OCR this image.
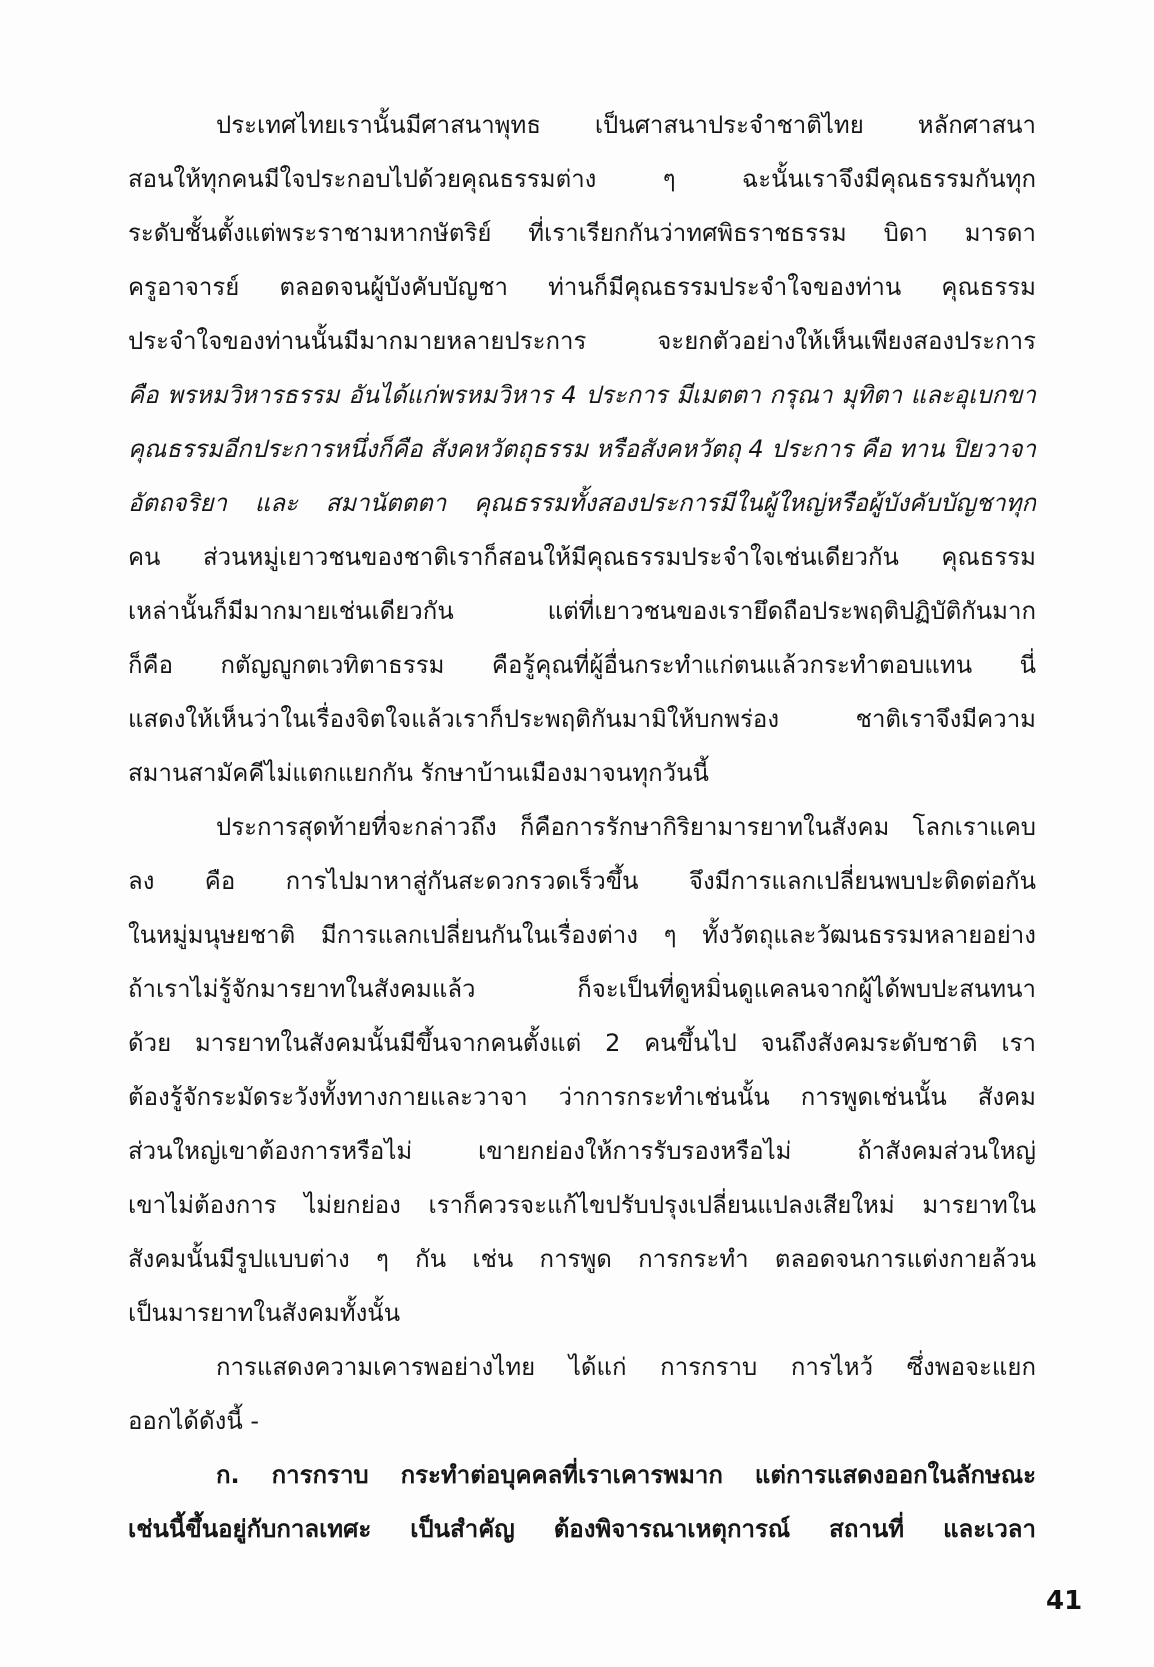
ประเทศไทยเรานั้นมีศาสนาพุทธ เป็นศาสนาประจำชาติไทย หลักศาสนา
สอนให้ทุกคนมีใจประกอบไปด้วยคุณธรรมต่าง ๆ ฉะนั้นเราจึงมีคุณธรรมกันทุก
ระดับชั้นตั้งแต่พระราชามหากษัตริย์ ที่เราเรียกกันว่าทศพิธราชธรรม บิดา มารดา
ครูอาจารย์ ตลอดจนผู้บังคับบัญชา ท่านก็มีคุณธรรมประจำใจของท่าน คุณธรรม
ประจำใจของท่านนั้นมีมากมายหลายประการ จะยกตัวอย่างให้เห็นเพียงสองประการ
คือ พรหมวิหารธรรม อันได้แก่พรหมวิหาร 4 ประการ มีเมตตา กรุณา มุทิตา และอุเบกขา
คุณธรรมอีกประการหนึ่งก็คือ สังคหวัตถุธรรม หรือสังคหวัตถุ 4 ประการ คือ ทาน ปิยวาจา
อัตถจริยา และ สมานัตตตา คุณธรรมทั้งสองประการมีในผู้ใหญ่หรือผู้บังคับบัญชาทุก
คน ส่วนหมู่เยาวชนของชาติเราก็สอนให้มีคุณธรรมประจำใจเช่นเดียวกัน คุณธรรม
เหล่านั้นก็มีมากมายเช่นเดียวกัน แต่ที่เยาวชนของเรายึดถือประพฤติปฏิบัติกันมาก
ก็คือ กตัญญูกตเวทิตาธรรม คือรู้คุณที่ผู้อื่นกระทำแก่ตนแล้วกระทำตอบแทน นี่
แสดงให้เห็นว่าในเรื่องจิตใจแล้วเราก็ประพฤติกันมามิให้บกพร่อง ชาติเราจึงมีความ
สมานสามัคคีไม่แตกแยกกัน รักษาบ้านเมืองมาจนทุกวันนี้
ประการสุดท้ายที่จะกล่าวถึง ก็คือการรักษากิริยามารยาทในสังคม โลกเราแคบ
ลง คือ การไปมาหาสู่กันสะดวกรวดเร็วขึ้น จึงมีการแลกเปลี่ยนพบปะติดต่อกัน
ในหมู่มนุษยชาติ มีการแลกเปลี่ยนกันในเรื่องต่าง ๆ ทั้งวัตถุและวัฒนธรรมหลายอย่าง
ถ้าเราไม่รู้จักมารยาทในสังคมแล้ว ก็จะเป็นที่ดูหมิ่นดูแคลนจากผู้ได้พบปะสนทนา
ด้วย มารยาทในสังคมนั้นมีขึ้นจากคนตั้งแต่ 2 คนขึ้นไป จนถึงสังคมระดับชาติ เรา
ต้องรู้จักระมัดระวังทั้งทางกายและวาจา ว่าการกระทำเช่นนั้น การพูดเช่นนั้น สังคม
ส่วนใหญ่เขาต้องการหรือไม่ เขายกย่องให้การรับรองหรือไม่ ถ้าสังคมส่วนใหญ่
เขาไม่ต้องการ ไม่ยกย่อง เราก็ควรจะแก้ไขปรับปรุงเปลี่ยนแปลงเสียใหม่ มารยาทใน
สังคมนั้นมีรูปแบบต่าง ๆ กัน เช่น การพูด การกระทำ ตลอดจนการแต่งกายล้วน
เป็นมารยาทในสังคมทั้งนั้น
การแสดงความเคารพอย่างไทย ได้แก่ การกราบ การไหว้ ซึ่งพอจะแยก
ออกได้ดังนี้ -
ก. การกราบ กระทำต่อบุคคลที่เราเคารพมาก แต่การแสดงออกในลักษณะ
เช่นนี้ขึ้นอยู่กับกาลเทศะ เป็นสำคัญ ต้องพิจารณาเหตุการณ์ สถานที่ และเวลา
41
